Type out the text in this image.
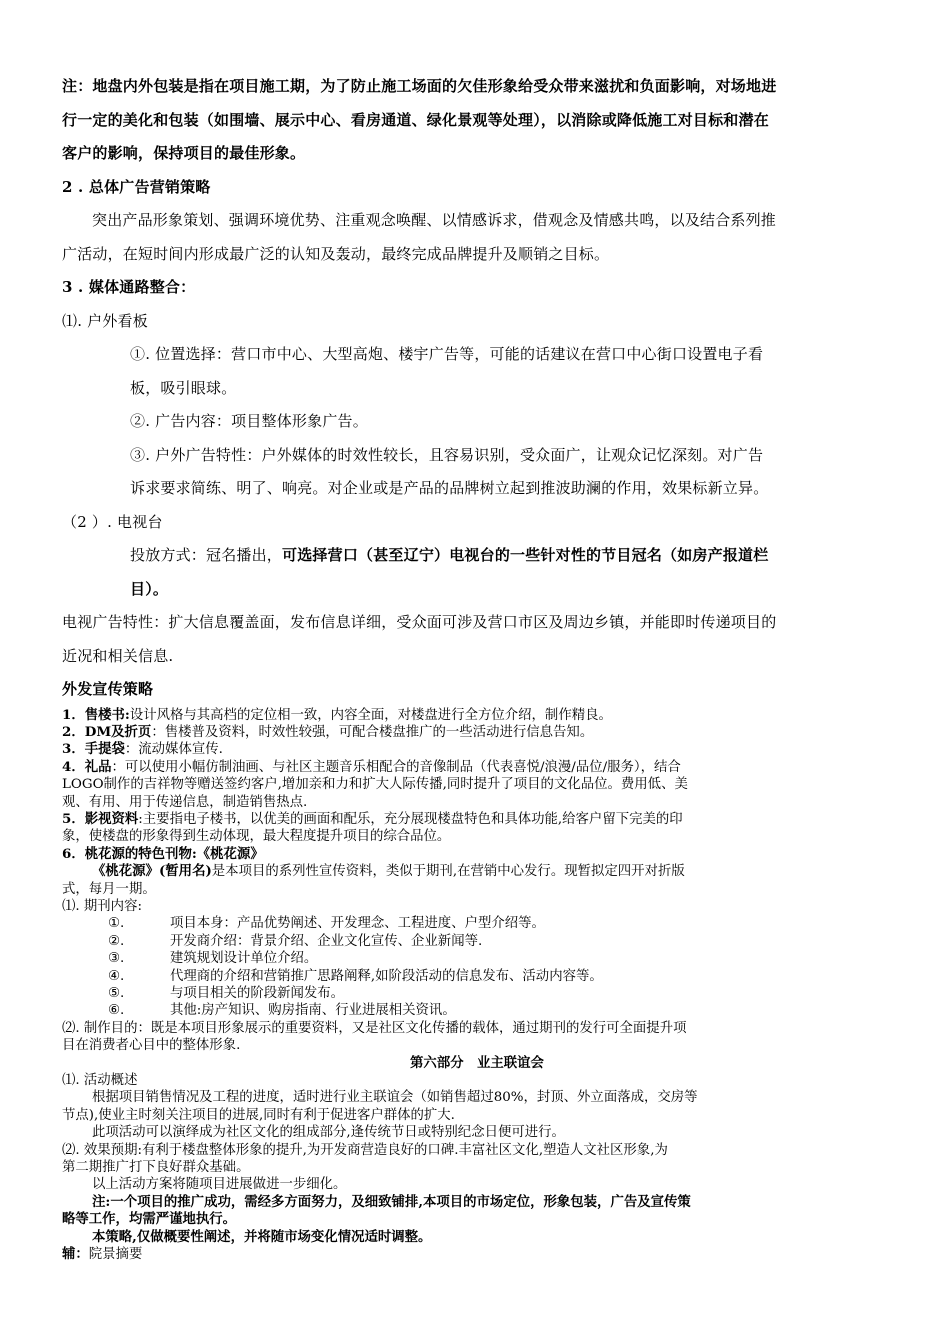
注：地盘内外包装是指在项目施工期，为了防止施工场面的欠佳形象给受众带来滋扰和负面影响，对场地进
行一定的美化和包装（如围墙、展示中心、看房通道、绿化景观等处理），以消除或降低施工对目标和潜在
客户的影响，保持项目的最佳形象。
2 . 总体广告营销策略
突出产品形象策划、强调环境优势、注重观念唤醒、以情感诉求，借观念及情感共鸣，以及结合系列推
广活动，在短时间内形成最广泛的认知及轰动，最终完成品牌提升及顺销之目标。
3 . 媒体通路整合：
⑴. 户外看板
①. 位置选择：营口市中心、大型高炮、楼宇广告等，可能的话建议在营口中心街口设置电子看
板，吸引眼球。
②. 广告内容：项目整体形象广告。
③. 户外广告特性：户外媒体的时效性较长，且容易识别，受众面广，让观众记忆深刻。对广告
诉求要求简练、明了、响亮。对企业或是产品的品牌树立起到推波助澜的作用，效果标新立异。
（2 ）. 电视台
投放方式：冠名播出，可选择营口（甚至辽宁）电视台的一些针对性的节目冠名（如房产报道栏
目）。
电视广告特性：扩大信息覆盖面，发布信息详细，受众面可涉及营口市区及周边乡镇，并能即时传递项目的
近况和相关信息.
外发宣传策略
1．售楼书:设计风格与其高档的定位相一致，内容全面，对楼盘进行全方位介绍，制作精良。
2．DM及折页：售楼普及资料，时效性较强，可配合楼盘推广的一些活动进行信息告知。
3．手提袋：流动媒体宣传.
4．礼品：可以使用小幅仿制油画、与社区主题音乐相配合的音像制品（代表喜悦/浪漫/品位/服务），结合
LOGO制作的吉祥物等赠送签约客户,增加亲和力和扩大人际传播,同时提升了项目的文化品位。费用低、美
观、有用、用于传递信息，制造销售热点.
5．影视资料:主要指电子楼书，以优美的画面和配乐，充分展现楼盘特色和具体功能,给客户留下完美的印
象，使楼盘的形象得到生动体现，最大程度提升项目的综合品位。
6．桃花源的特色刊物:《桃花源》
《桃花源》(暂用名)是本项目的系列性宣传资料，类似于期刊,在营销中心发行。现暂拟定四开对折版
式，每月一期。
⑴. 期刊内容:
①.	项目本身：产品优势阐述、开发理念、工程进度、户型介绍等。
②.	开发商介绍：背景介绍、企业文化宣传、企业新闻等.
③.	建筑规划设计单位介绍。
④.	代理商的介绍和营销推广思路阐释,如阶段活动的信息发布、活动内容等。
⑤.	与项目相关的阶段新闻发布。
⑥.	其他:房产知识、购房指南、行业进展相关资讯。
⑵. 制作目的：既是本项目形象展示的重要资料，又是社区文化传播的载体，通过期刊的发行可全面提升项
目在消费者心目中的整体形象.
第六部分　业主联谊会
⑴. 活动概述
根据项目销售情况及工程的进度，适时进行业主联谊会（如销售超过80%，封顶、外立面落成，交房等
节点),使业主时刻关注项目的进展,同时有利于促进客户群体的扩大.
此项活动可以演绎成为社区文化的组成部分,逢传统节日或特别纪念日便可进行。
⑵. 效果预期:有利于楼盘整体形象的提升,为开发商营造良好的口碑.丰富社区文化,塑造人文社区形象,为
第二期推广打下良好群众基础。
以上活动方案将随项目进展做进一步细化。
注:一个项目的推广成功，需经多方面努力，及细致铺排,本项目的市场定位，形象包装，广告及宣传策
略等工作，均需严谨地执行。
本策略,仅做概要性阐述，并将随市场变化情况适时调整。
辅：院景摘要
